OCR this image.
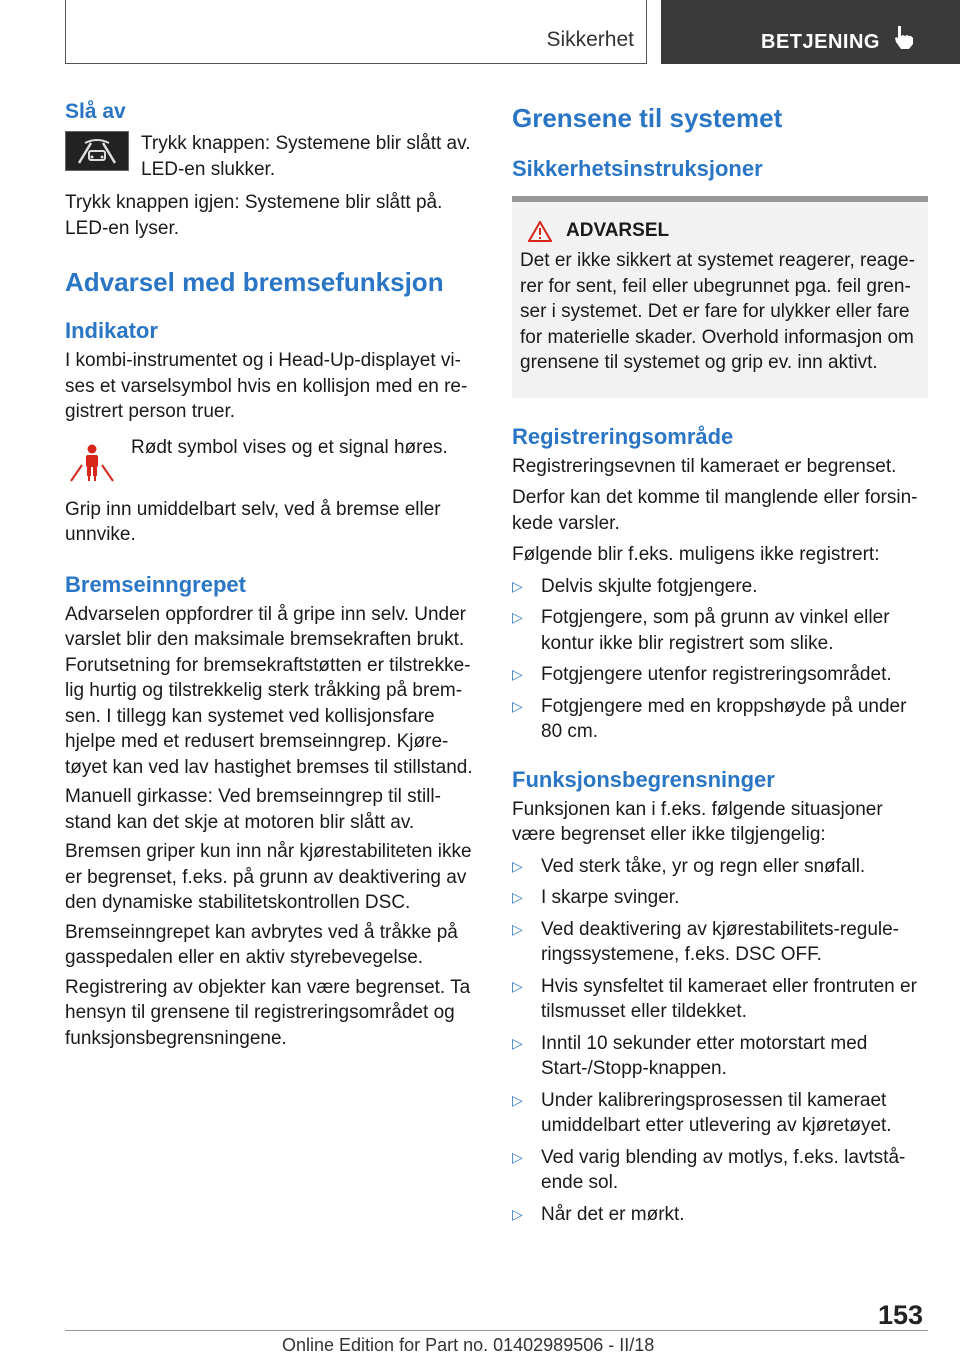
Sikkerhet	BETJENING
Slå av

Trykk knappen: Systemene blir slått av. LED-en slukker.

Trykk knappen igjen: Systemene blir slått på. LED-en lyser.

Advarsel med bremsefunksjon
Indikator

I kombi-instrumentet og i Head-Up-displayet vi-ses et varselsymbol hvis en kollisjon med en re-gistrert person truer.

Rødt symbol vises og et signal høres.

Grip inn umiddelbart selv, ved å bremse eller unnvike.

Bremseinngrepet

Advarselen oppfordrer til å gripe inn selv. Under varslet blir den maksimale bremsekraften brukt. Forutsetning for bremsekraftstøtten er tilstrekke-lig hurtig og tilstrekkelig sterk tråkking på brem-sen. I tillegg kan systemet ved kollisjonsfare hjelpe med et redusert bremseinngrep. Kjøre-tøyet kan ved lav hastighet bremses til stillstand.

Manuell girkasse: Ved bremseinngrep til still-stand kan det skje at motoren blir slått av.

Bremsen griper kun inn når kjørestabiliteten ikke er begrenset, f.eks. på grunn av deaktivering av den dynamiske stabilitetskontrollen DSC.

Bremseinngrepet kan avbrytes ved å tråkke på gasspedalen eller en aktiv styrebevegelse.

Registrering av objekter kan være begrenset. Ta hensyn til grensene til registreringsområdet og funksjonsbegrensningene.

Grensene til systemet
Sikkerhetsinstruksjoner
ADVARSEL

Det er ikke sikkert at systemet reagerer, reage-rer for sent, feil eller ubegrunnet pga. feil gren-ser i systemet. Det er fare for ulykker eller fare for materielle skader. Overhold informasjon om grensene til systemet og grip ev. inn aktivt.

Registreringsområde

Registreringsevnen til kameraet er begrenset.

Derfor kan det komme til manglende eller forsin-kede varsler.

Følgende blir f.eks. muligens ikke registrert:

▷ Delvis skjulte fotgjengere.
▷ Fotgjengere, som på grunn av vinkel eller kontur ikke blir registrert som slike.
▷ Fotgjengere utenfor registreringsområdet.
▷ Fotgjengere med en kroppshøyde på under 80 cm.
Funksjonsbegrensninger

Funksjonen kan i f.eks. følgende situasjoner være begrenset eller ikke tilgjengelig:

▷ Ved sterk tåke, yr og regn eller snøfall.
▷ I skarpe svinger.
▷ Ved deaktivering av kjørestabilitets-regule-ringssystemene, f.eks. DSC OFF.
▷ Hvis synsfeltet til kameraet eller frontruten er tilsmusset eller tildekket.
▷ Inntil 10 sekunder etter motorstart med Start-/Stopp-knappen.
▷ Under kalibreringsprosessen til kameraet umiddelbart etter utlevering av kjøretøyet.
▷ Ved varig blending av motlys, f.eks. lavtstå-ende sol.
▷ Når det er mørkt.
153
Online Edition for Part no. 01402989506 - II/18
